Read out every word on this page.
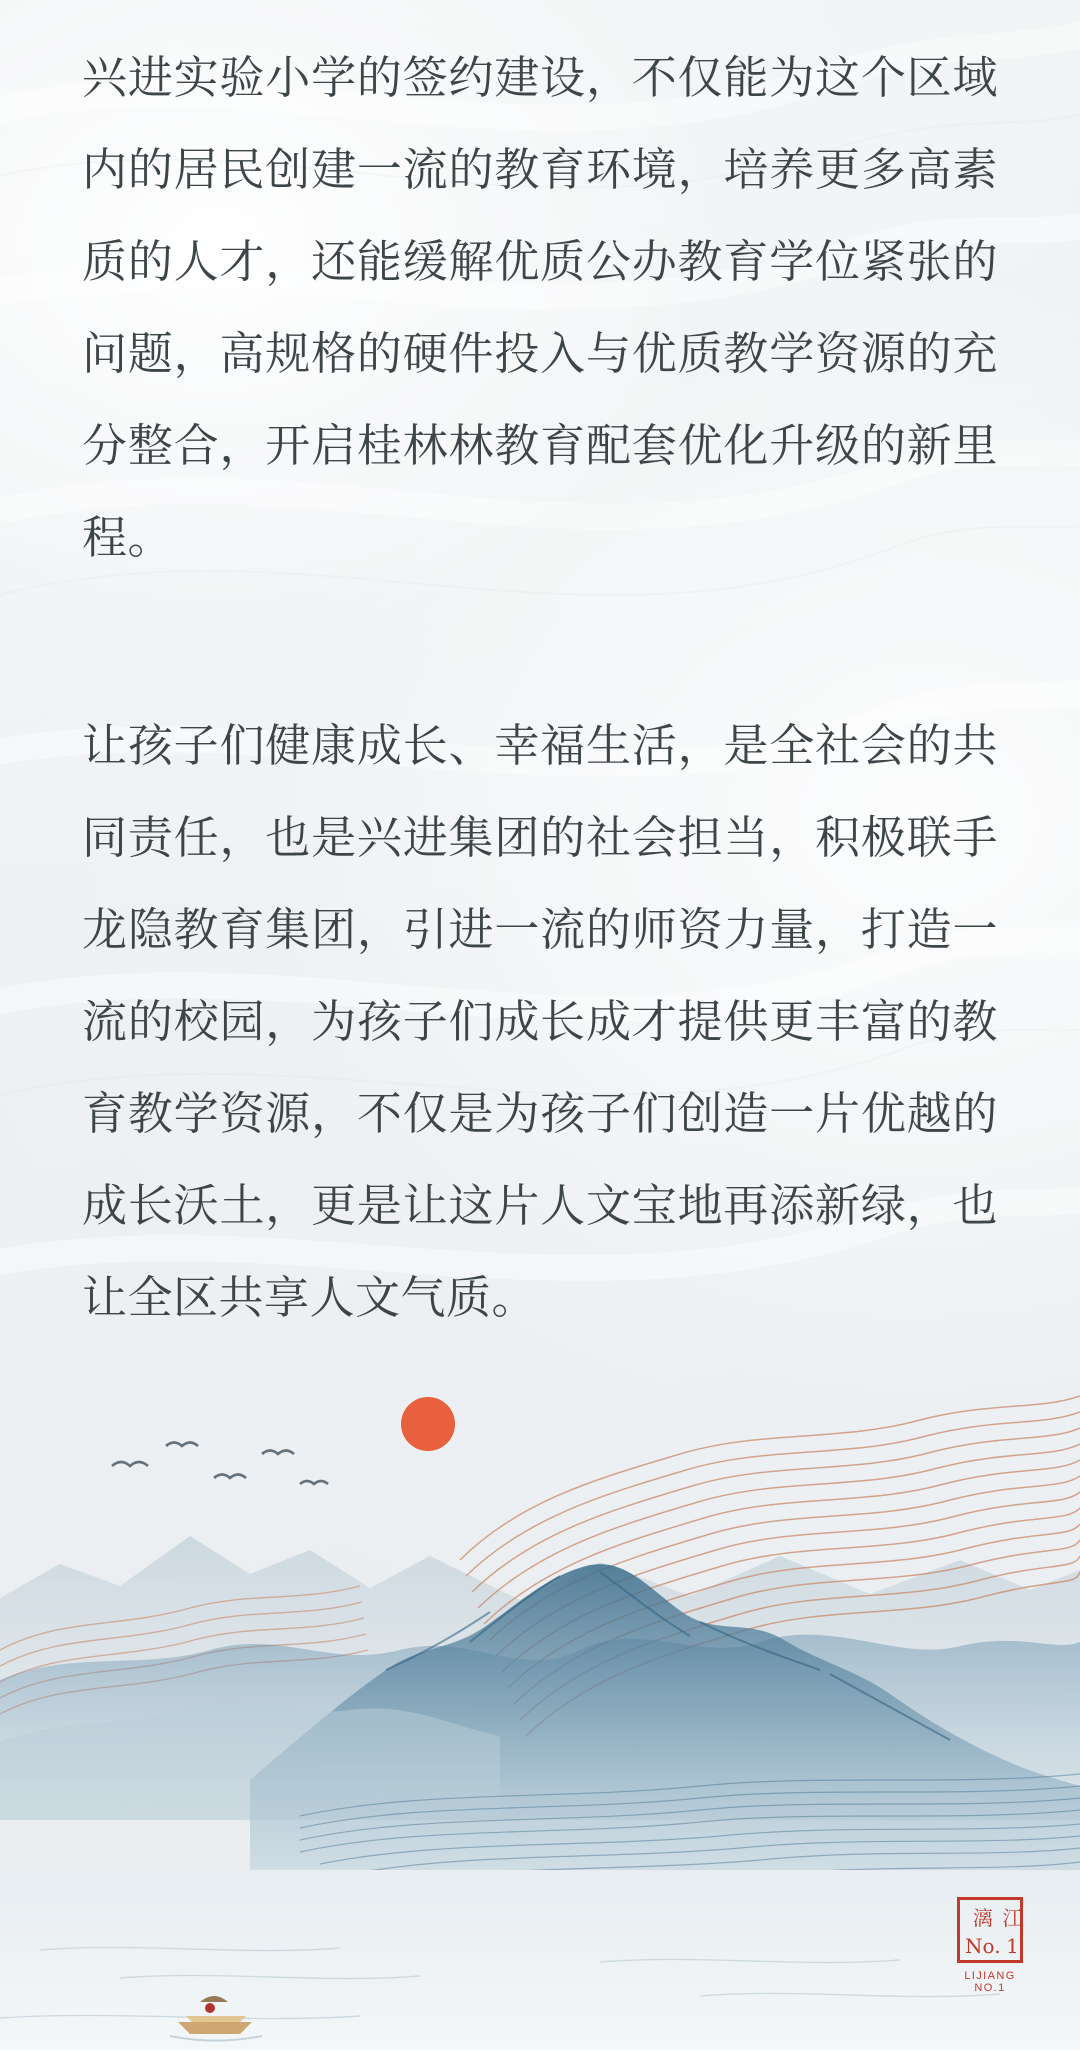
兴进实验小学的签约建设，不仅能为这个区域内的居民创建一流的教育环境，培养更多高素质的人才，还能缓解优质公办教育学位紧张的问题，高规格的硬件投入与优质教学资源的充分整合，开启桂林林教育配套优化升级的新里程。

让孩子们健康成长、幸福生活，是全社会的共同责任，也是兴进集团的社会担当，积极联手龙隐教育集团，引进一流的师资力量，打造一流的校园，为孩子们成长成才提供更丰富的教育教学资源，不仅是为孩子们创造一片优越的成长沃土，更是让这片人文宝地再添新绿，也让全区共享人文气质。

漓 江
No. 1
LIJIANG NO.1
